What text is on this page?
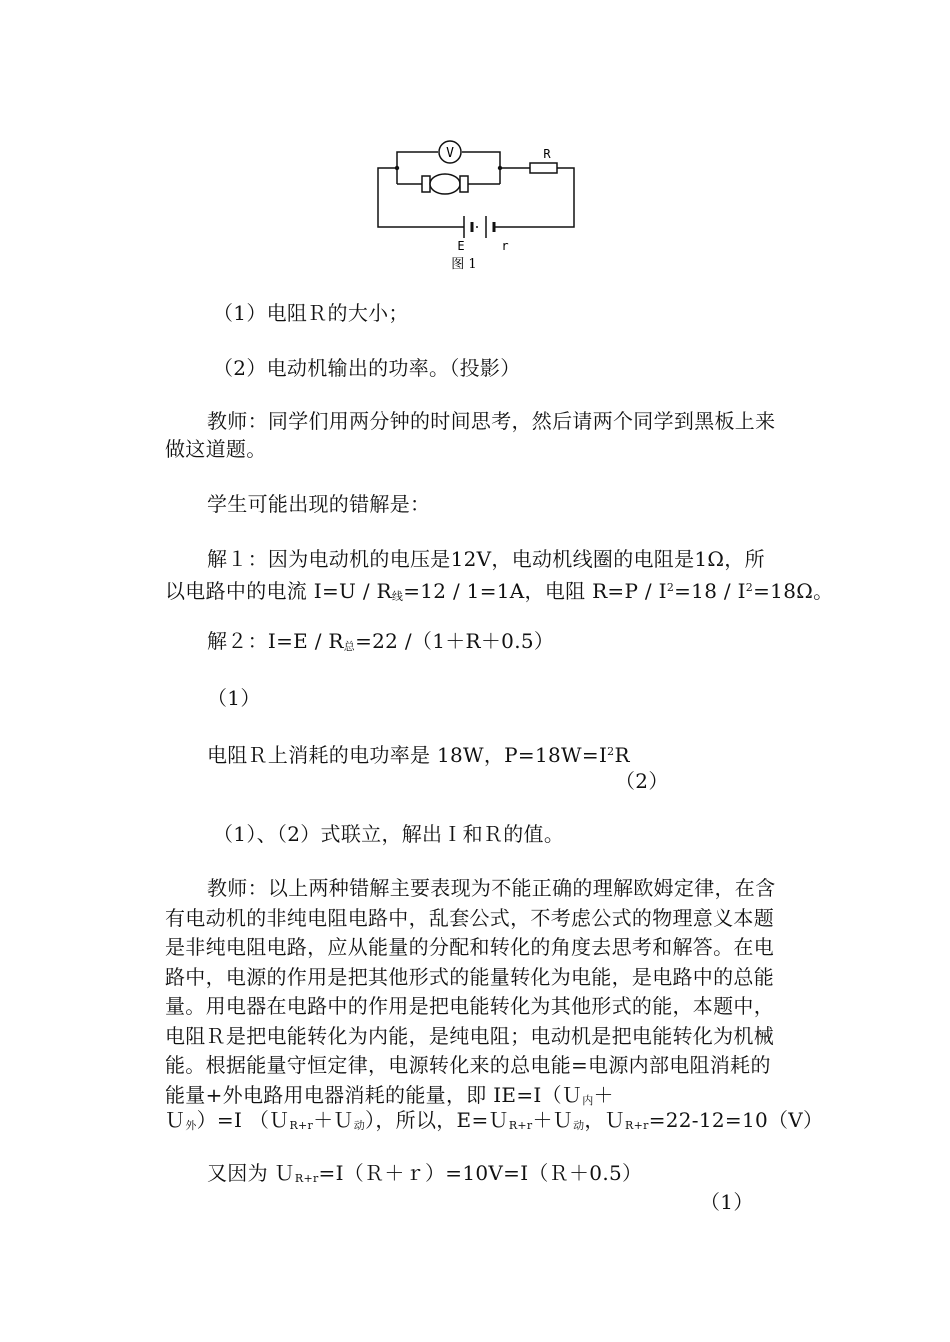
V	R
E	r
图 1
（1）电阻Ｒ的大小；
（2）电动机输出的功率。（投影）
教师：同学们用两分钟的时间思考，然后请两个同学到黑板上来做这道题。
学生可能出现的错解是：
解１：因为电动机的电压是12V，电动机线圈的电阻是1Ω，所
以电路中的电流 I=U / R线=12 / 1=1A，电阻 $R=P / I^2=18 / I^2=18\Omega$。
解２：I=E / R总=22 /（1＋R＋0.5）
（1）
电阻Ｒ上消耗的电功率是 18W，$P=18W=I^2R$
（2）
（1）、（2）式联立，解出Ｉ和Ｒ的值。
教师：以上两种错解主要表现为不能正确的理解欧姆定律，在含有电动机的非纯电阻电路中，乱套公式，不考虑公式的物理意义本题是非纯电阻电路，应从能量的分配和转化的角度去思考和解答。在电路中，电源的作用是把其他形式的能量转化为电能，是电路中的总能量。用电器在电路中的作用是把电能转化为其他形式的能，本题中，电阻Ｒ是把电能转化为内能，是纯电阻；电动机是把电能转化为机械能。根据能量守恒定律，电源转化来的总电能=电源内部电阻消耗的能量+外电路用电器消耗的能量，即 IE=I（Ｕ内＋
Ｕ外）=I （ＵR+r＋Ｕ动），所以，E=ＵR+r＋Ｕ动，ＵR+r=22-12=10（V）
又因为 ＵR+r=I（Ｒ＋ｒ）=10V=I（Ｒ＋0.5）
（1）
